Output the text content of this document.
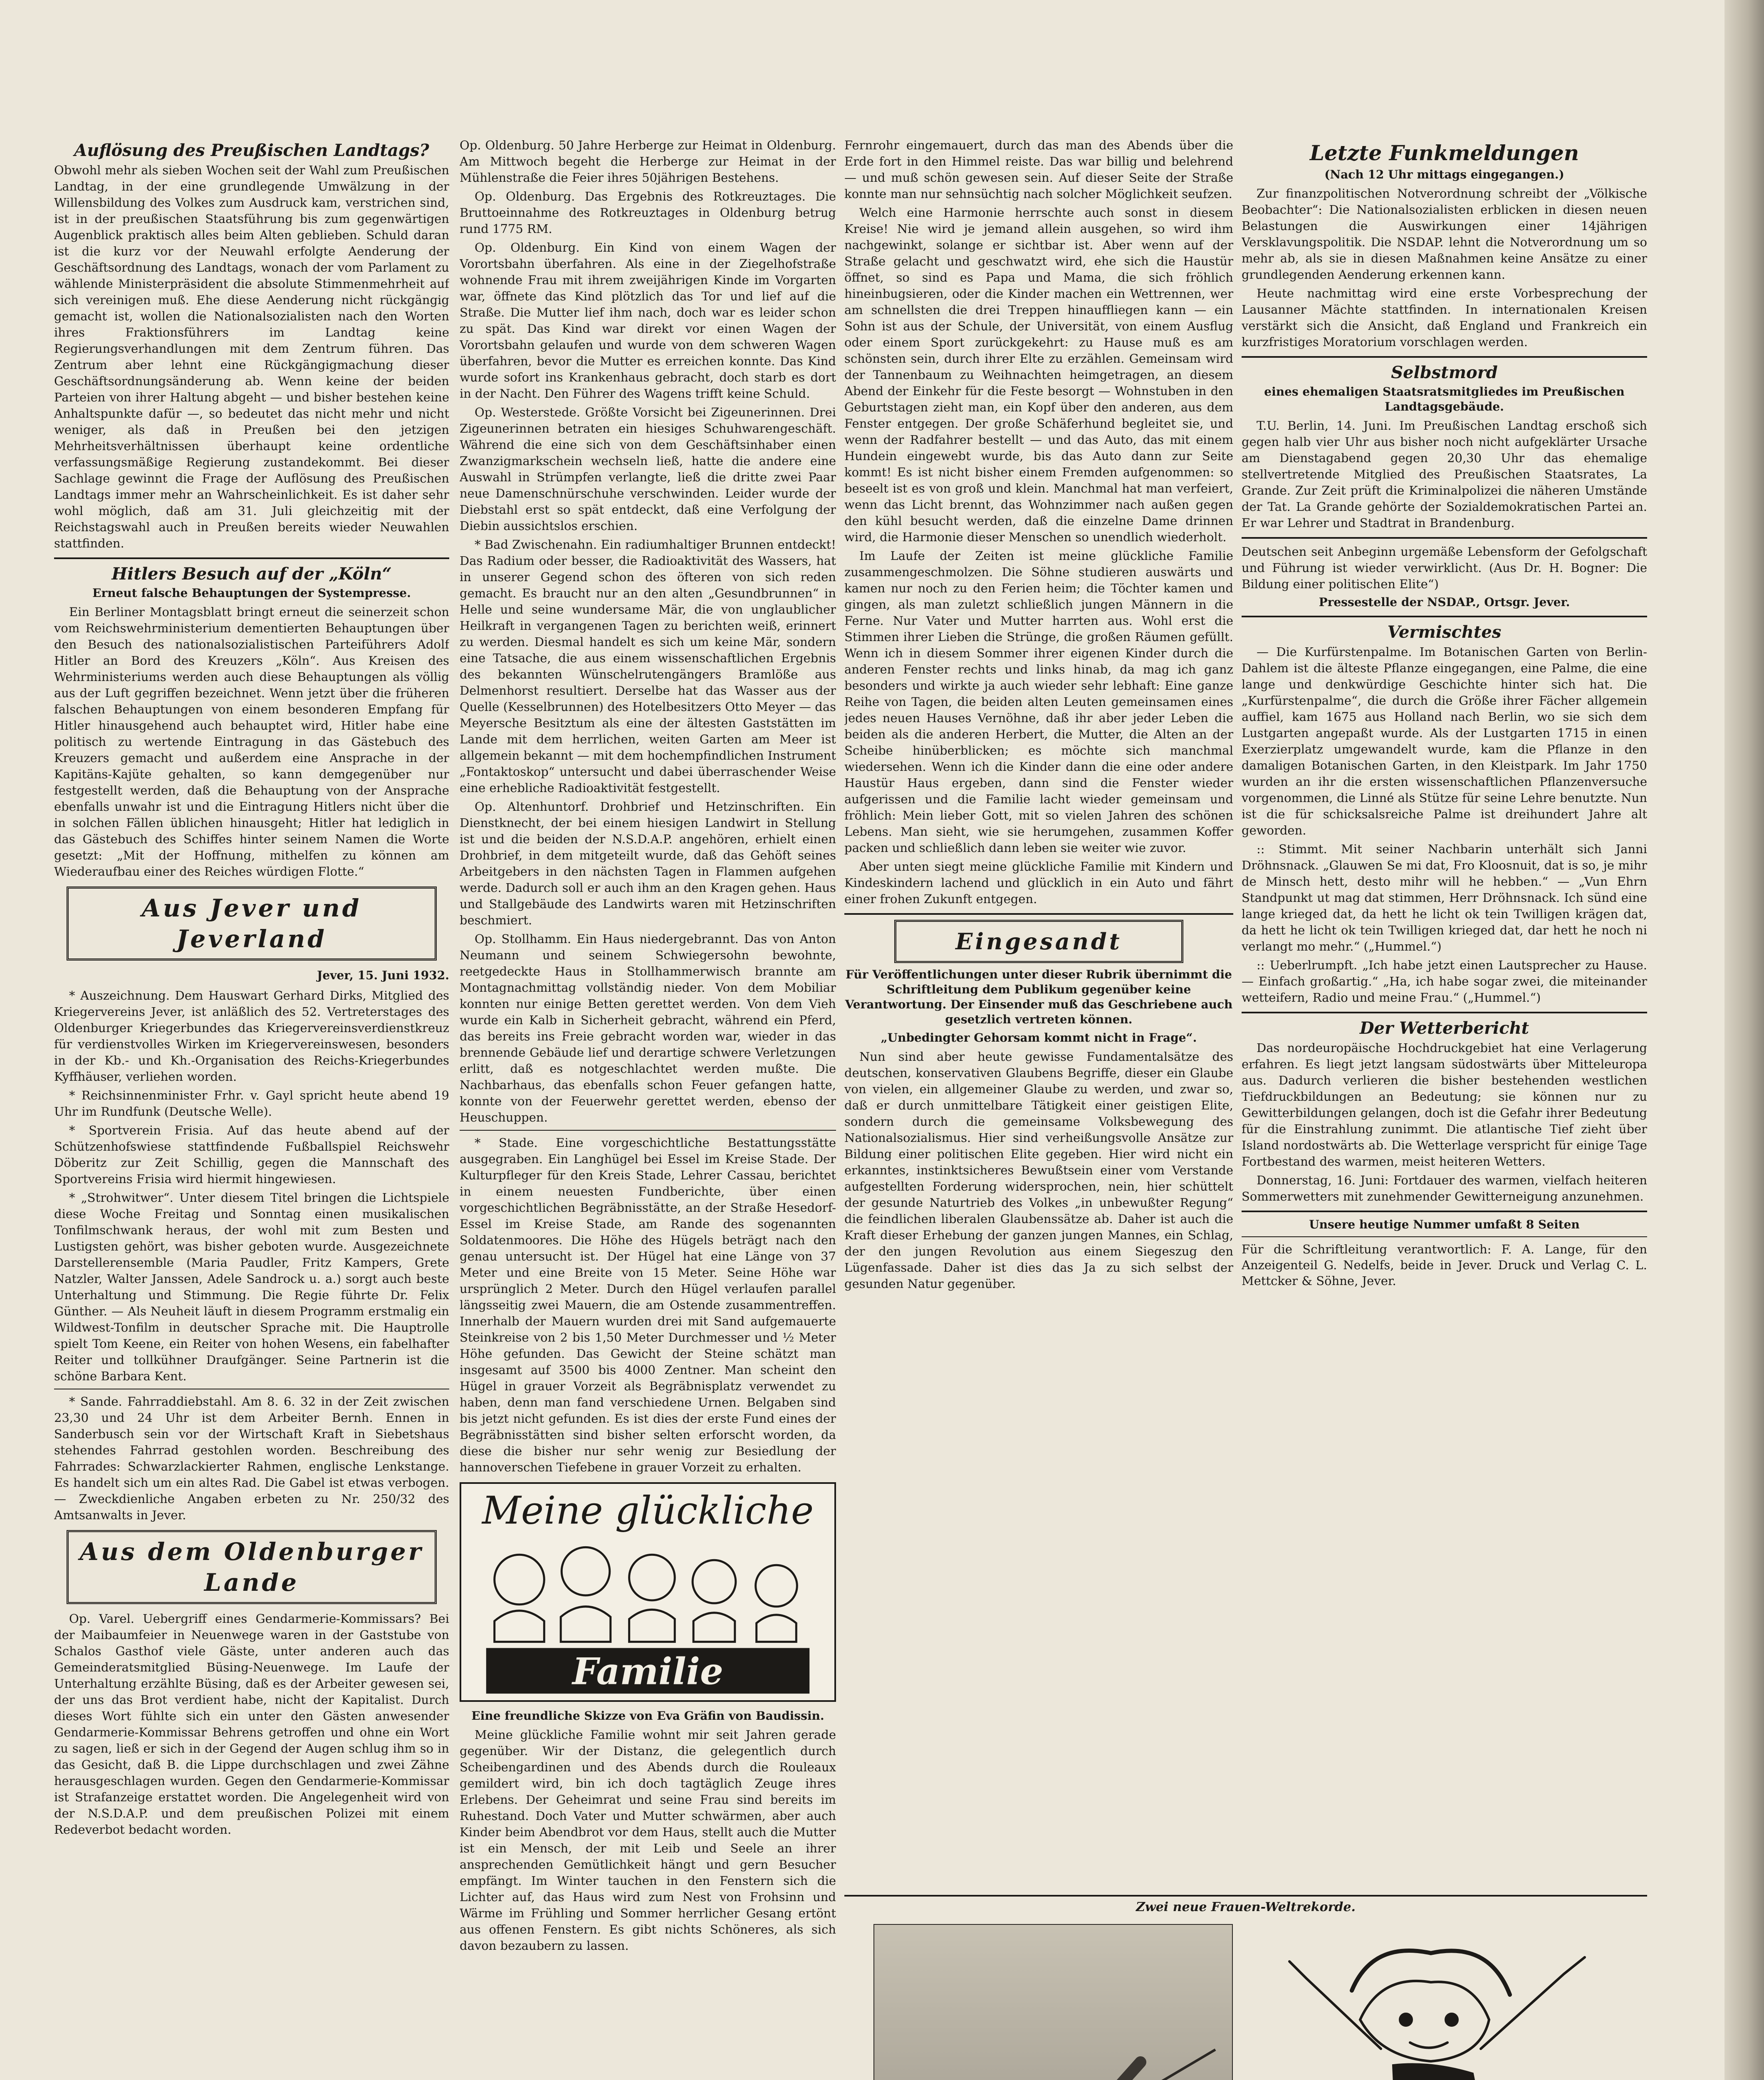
Auflösung des Preußischen Landtags?

Obwohl mehr als sieben Wochen seit der Wahl zum Preußischen Landtag, in der eine grundlegende Umwälzung in der Willensbildung des Volkes zum Ausdruck kam, verstrichen sind, ist in der preußischen Staatsführung bis zum gegenwärtigen Augenblick praktisch alles beim Alten geblieben. Schuld daran ist die kurz vor der Neuwahl erfolgte Aenderung der Geschäftsordnung des Landtags, wonach der vom Parlament zu wählende Ministerpräsident die absolute Stimmenmehrheit auf sich vereinigen muß. Ehe diese Aenderung nicht rückgängig gemacht ist, wollen die Nationalsozialisten nach den Worten ihres Fraktionsführers im Landtag keine Regierungsverhandlungen mit dem Zentrum führen. Das Zentrum aber lehnt eine Rückgängigmachung dieser Geschäftsordnungsänderung ab. Wenn keine der beiden Parteien von ihrer Haltung abgeht — und bisher bestehen keine Anhaltspunkte dafür —, so bedeutet das nicht mehr und nicht weniger, als daß in Preußen bei den jetzigen Mehrheitsverhältnissen überhaupt keine ordentliche verfassungsmäßige Regierung zustandekommt. Bei dieser Sachlage gewinnt die Frage der Auflösung des Preußischen Landtags immer mehr an Wahrscheinlichkeit. Es ist daher sehr wohl möglich, daß am 31. Juli gleichzeitig mit der Reichstagswahl auch in Preußen bereits wieder Neuwahlen stattfinden.

Hitlers Besuch auf der „Köln“
Erneut falsche Behauptungen der Systempresse.

Ein Berliner Montagsblatt bringt erneut die seinerzeit schon vom Reichswehrministerium dementierten Behauptungen über den Besuch des nationalsozialistischen Parteiführers Adolf Hitler an Bord des Kreuzers „Köln“. Aus Kreisen des Wehrministeriums werden auch diese Behauptungen als völlig aus der Luft gegriffen bezeichnet. Wenn jetzt über die früheren falschen Behauptungen von einem besonderen Empfang für Hitler hinausgehend auch behauptet wird, Hitler habe eine politisch zu wertende Eintragung in das Gästebuch des Kreuzers gemacht und außerdem eine Ansprache in der Kapitäns-Kajüte gehalten, so kann demgegenüber nur festgestellt werden, daß die Behauptung von der Ansprache ebenfalls unwahr ist und die Eintragung Hitlers nicht über die in solchen Fällen üblichen hinausgeht; Hitler hat lediglich in das Gästebuch des Schiffes hinter seinem Namen die Worte gesetzt: „Mit der Hoffnung, mithelfen zu können am Wiederaufbau einer des Reiches würdigen Flotte.“

Aus Jever und Jeverland
Jever, 15. Juni 1932.

* Auszeichnung. Dem Hauswart Gerhard Dirks, Mitglied des Kriegervereins Jever, ist anläßlich des 52. Vertreterstages des Oldenburger Kriegerbundes das Kriegervereinsverdienstkreuz für verdienstvolles Wirken im Kriegervereinswesen, besonders in der Kb.- und Kh.-Organisation des Reichs-Kriegerbundes Kyffhäuser, verliehen worden.

* Reichsinnenminister Frhr. v. Gayl spricht heute abend 19 Uhr im Rundfunk (Deutsche Welle).

* Sportverein Frisia. Auf das heute abend auf der Schützenhofswiese stattfindende Fußballspiel Reichswehr Döberitz zur Zeit Schillig, gegen die Mannschaft des Sportvereins Frisia wird hiermit hingewiesen.

* „Strohwitwer“. Unter diesem Titel bringen die Lichtspiele diese Woche Freitag und Sonntag einen musikalischen Tonfilmschwank heraus, der wohl mit zum Besten und Lustigsten gehört, was bisher geboten wurde. Ausgezeichnete Darstellerensemble (Maria Paudler, Fritz Kampers, Grete Natzler, Walter Janssen, Adele Sandrock u. a.) sorgt auch beste Unterhaltung und Stimmung. Die Regie führte Dr. Felix Günther. — Als Neuheit läuft in diesem Programm erstmalig ein Wildwest-Tonfilm in deutscher Sprache mit. Die Hauptrolle spielt Tom Keene, ein Reiter von hohen Wesens, ein fabelhafter Reiter und tollkühner Draufgänger. Seine Partnerin ist die schöne Barbara Kent.

* Sande. Fahrraddiebstahl. Am 8. 6. 32 in der Zeit zwischen 23,30 und 24 Uhr ist dem Arbeiter Bernh. Ennen in Sanderbusch sein vor der Wirtschaft Kraft in Siebetshaus stehendes Fahrrad gestohlen worden. Beschreibung des Fahrrades: Schwarzlackierter Rahmen, englische Lenkstange. Es handelt sich um ein altes Rad. Die Gabel ist etwas verbogen. — Zweckdienliche Angaben erbeten zu Nr. 250/32 des Amtsanwalts in Jever.

Aus dem Oldenburger Lande

Op. Varel. Uebergriff eines Gendarmerie-Kommissars? Bei der Maibaumfeier in Neuenwege waren in der Gaststube von Schalos Gasthof viele Gäste, unter anderen auch das Gemeinderatsmitglied Büsing-Neuenwege. Im Laufe der Unterhaltung erzählte Büsing, daß es der Arbeiter gewesen sei, der uns das Brot verdient habe, nicht der Kapitalist. Durch dieses Wort fühlte sich ein unter den Gästen anwesender Gendarmerie-Kommissar Behrens getroffen und ohne ein Wort zu sagen, ließ er sich in der Gegend der Augen schlug ihm so in das Gesicht, daß B. die Lippe durchschlagen und zwei Zähne herausgeschlagen wurden. Gegen den Gendarmerie-Kommissar ist Strafanzeige erstattet worden. Die Angelegenheit wird von der N.S.D.A.P. und dem preußischen Polizei mit einem Redeverbot bedacht worden.

Op. Oldenburg. 50 Jahre Herberge zur Heimat in Oldenburg. Am Mittwoch begeht die Herberge zur Heimat in der Mühlenstraße die Feier ihres 50jährigen Bestehens.

Op. Oldenburg. Das Ergebnis des Rotkreuztages. Die Bruttoeinnahme des Rotkreuztages in Oldenburg betrug rund 1775 RM.

Op. Oldenburg. Ein Kind von einem Wagen der Vorortsbahn überfahren. Als eine in der Ziegelhofstraße wohnende Frau mit ihrem zweijährigen Kinde im Vorgarten war, öffnete das Kind plötzlich das Tor und lief auf die Straße. Die Mutter lief ihm nach, doch war es leider schon zu spät. Das Kind war direkt vor einen Wagen der Vorortsbahn gelaufen und wurde von dem schweren Wagen überfahren, bevor die Mutter es erreichen konnte. Das Kind wurde sofort ins Krankenhaus gebracht, doch starb es dort in der Nacht. Den Führer des Wagens trifft keine Schuld.

Op. Westerstede. Größte Vorsicht bei Zigeunerinnen. Drei Zigeunerinnen betraten ein hiesiges Schuhwarengeschäft. Während die eine sich von dem Geschäftsinhaber einen Zwanzigmarkschein wechseln ließ, hatte die andere eine Auswahl in Strümpfen verlangte, ließ die dritte zwei Paar neue Damenschnürschuhe verschwinden. Leider wurde der Diebstahl erst so spät entdeckt, daß eine Verfolgung der Diebin aussichtslos erschien.

* Bad Zwischenahn. Ein radiumhaltiger Brunnen entdeckt! Das Radium oder besser, die Radioaktivität des Wassers, hat in unserer Gegend schon des öfteren von sich reden gemacht. Es braucht nur an den alten „Gesundbrunnen“ in Helle und seine wundersame Mär, die von unglaublicher Heilkraft in vergangenen Tagen zu berichten weiß, erinnert zu werden. Diesmal handelt es sich um keine Mär, sondern eine Tatsache, die aus einem wissenschaftlichen Ergebnis des bekannten Wünschelrutengängers Bramlöße aus Delmenhorst resultiert. Derselbe hat das Wasser aus der Quelle (Kesselbrunnen) des Hotelbesitzers Otto Meyer — das Meyersche Besitztum als eine der ältesten Gaststätten im Lande mit dem herrlichen, weiten Garten am Meer ist allgemein bekannt — mit dem hochempfindlichen Instrument „Fontaktoskop“ untersucht und dabei überraschender Weise eine erhebliche Radioaktivität festgestellt.

Op. Altenhuntorf. Drohbrief und Hetzinschriften. Ein Dienstknecht, der bei einem hiesigen Landwirt in Stellung ist und die beiden der N.S.D.A.P. angehören, erhielt einen Drohbrief, in dem mitgeteilt wurde, daß das Gehöft seines Arbeitgebers in den nächsten Tagen in Flammen aufgehen werde. Dadurch soll er auch ihm an den Kragen gehen. Haus und Stallgebäude des Landwirts waren mit Hetzinschriften beschmiert.

Op. Stollhamm. Ein Haus niedergebrannt. Das von Anton Neumann und seinem Schwiegersohn bewohnte, reetgedeckte Haus in Stollhammerwisch brannte am Montagnachmittag vollständig nieder. Von dem Mobiliar konnten nur einige Betten gerettet werden. Von dem Vieh wurde ein Kalb in Sicherheit gebracht, während ein Pferd, das bereits ins Freie gebracht worden war, wieder in das brennende Gebäude lief und derartige schwere Verletzungen erlitt, daß es notgeschlachtet werden mußte. Die Nachbarhaus, das ebenfalls schon Feuer gefangen hatte, konnte von der Feuerwehr gerettet werden, ebenso der Heuschuppen.

* Stade. Eine vorgeschichtliche Bestattungsstätte ausgegraben. Ein Langhügel bei Essel im Kreise Stade. Der Kulturpfleger für den Kreis Stade, Lehrer Cassau, berichtet in einem neuesten Fundberichte, über einen vorgeschichtlichen Begräbnisstätte, an der Straße Hesedorf-Essel im Kreise Stade, am Rande des sogenannten Soldatenmoores. Die Höhe des Hügels beträgt nach den genau untersucht ist. Der Hügel hat eine Länge von 37 Meter und eine Breite von 15 Meter. Seine Höhe war ursprünglich 2 Meter. Durch den Hügel verlaufen parallel längsseitig zwei Mauern, die am Ostende zusammentreffen. Innerhalb der Mauern wurden drei mit Sand aufgemauerte Steinkreise von 2 bis 1,50 Meter Durchmesser und ½ Meter Höhe gefunden. Das Gewicht der Steine schätzt man insgesamt auf 3500 bis 4000 Zentner. Man scheint den Hügel in grauer Vorzeit als Begräbnisplatz verwendet zu haben, denn man fand verschiedene Urnen. Belgaben sind bis jetzt nicht gefunden. Es ist dies der erste Fund eines der Begräbnisstätten sind bisher selten erforscht worden, da diese die bisher nur sehr wenig zur Besiedlung der hannoverschen Tiefebene in grauer Vorzeit zu erhalten.

Meine glückliche
Familie
Eine freundliche Skizze von Eva Gräfin von Baudissin.

Meine glückliche Familie wohnt mir seit Jahren gerade gegenüber. Wir der Distanz, die gelegentlich durch Scheibengardinen und des Abends durch die Rouleaux gemildert wird, bin ich doch tagtäglich Zeuge ihres Erlebens. Der Geheimrat und seine Frau sind bereits im Ruhestand. Doch Vater und Mutter schwärmen, aber auch Kinder beim Abendbrot vor dem Haus, stellt auch die Mutter ist ein Mensch, der mit Leib und Seele an ihrer ansprechenden Gemütlichkeit hängt und gern Besucher empfängt. Im Winter tauchen in den Fenstern sich die Lichter auf, das Haus wird zum Nest von Frohsinn und Wärme im Frühling und Sommer herrlicher Gesang ertönt aus offenen Fenstern. Es gibt nichts Schöneres, als sich davon bezaubern zu lassen.

Fernrohr eingemauert, durch das man des Abends über die Erde fort in den Himmel reiste. Das war billig und belehrend — und muß schön gewesen sein. Auf dieser Seite der Straße konnte man nur sehnsüchtig nach solcher Möglichkeit seufzen.

Welch eine Harmonie herrschte auch sonst in diesem Kreise! Nie wird je jemand allein ausgehen, so wird ihm nachgewinkt, solange er sichtbar ist. Aber wenn auf der Straße gelacht und geschwatzt wird, ehe sich die Haustür öffnet, so sind es Papa und Mama, die sich fröhlich hineinbugsieren, oder die Kinder machen ein Wettrennen, wer am schnellsten die drei Treppen hinauffliegen kann — ein Sohn ist aus der Schule, der Universität, von einem Ausflug oder einem Sport zurückgekehrt: zu Hause muß es am schönsten sein, durch ihrer Elte zu erzählen. Gemeinsam wird der Tannenbaum zu Weihnachten heimgetragen, an diesem Abend der Einkehr für die Feste besorgt — Wohnstuben in den Geburtstagen zieht man, ein Kopf über den anderen, aus dem Fenster entgegen. Der große Schäferhund begleitet sie, und wenn der Radfahrer bestellt — und das Auto, das mit einem Hundein eingewebt wurde, bis das Auto dann zur Seite kommt! Es ist nicht bisher einem Fremden aufgenommen: so beseelt ist es von groß und klein. Manchmal hat man verfeiert, wenn das Licht brennt, das Wohnzimmer nach außen gegen den kühl besucht werden, daß die einzelne Dame drinnen wird, die Harmonie dieser Menschen so unendlich wiederholt.

Im Laufe der Zeiten ist meine glückliche Familie zusammengeschmolzen. Die Söhne studieren auswärts und kamen nur noch zu den Ferien heim; die Töchter kamen und gingen, als man zuletzt schließlich jungen Männern in die Ferne. Nur Vater und Mutter harrten aus. Wohl erst die Stimmen ihrer Lieben die Strünge, die großen Räumen gefüllt. Wenn ich in diesem Sommer ihrer eigenen Kinder durch die anderen Fenster rechts und links hinab, da mag ich ganz besonders und wirkte ja auch wieder sehr lebhaft: Eine ganze Reihe von Tagen, die beiden alten Leuten gemeinsamen eines jedes neuen Hauses Vernöhne, daß ihr aber jeder Leben die beiden als die anderen Herbert, die Mutter, die Alten an der Scheibe hinüberblicken; es möchte sich manchmal wiedersehen. Wenn ich die Kinder dann die eine oder andere Haustür Haus ergeben, dann sind die Fenster wieder aufgerissen und die Familie lacht wieder gemeinsam und fröhlich: Mein lieber Gott, mit so vielen Jahren des schönen Lebens. Man sieht, wie sie herumgehen, zusammen Koffer packen und schließlich dann leben sie weiter wie zuvor.

Aber unten siegt meine glückliche Familie mit Kindern und Kindeskindern lachend und glücklich in ein Auto und fährt einer frohen Zukunft entgegen.

Eingesandt
Für Veröffentlichungen unter dieser Rubrik übernimmt die Schriftleitung dem Publikum gegenüber keine Verantwortung. Der Einsender muß das Geschriebene auch gesetzlich vertreten können.
„Unbedingter Gehorsam kommt nicht in Frage“.

Nun sind aber heute gewisse Fundamentalsätze des deutschen, konservativen Glaubens Begriffe, dieser ein Glaube von vielen, ein allgemeiner Glaube zu werden, und zwar so, daß er durch unmittelbare Tätigkeit einer geistigen Elite, sondern durch die gemeinsame Volksbewegung des Nationalsozialismus. Hier sind verheißungsvolle Ansätze zur Bildung einer politischen Elite gegeben. Hier wird nicht ein erkanntes, instinktsicheres Bewußtsein einer vom Verstande aufgestellten Forderung widersprochen, nein, hier schüttelt der gesunde Naturtrieb des Volkes „in unbewußter Regung“ die feindlichen liberalen Glaubenssätze ab. Daher ist auch die Kraft dieser Erhebung der ganzen jungen Mannes, ein Schlag, der den jungen Revolution aus einem Siegeszug den Lügenfassade. Daher ist dies das Ja zu sich selbst der gesunden Natur gegenüber.

Letzte Funkmeldungen
(Nach 12 Uhr mittags eingegangen.)

Zur finanzpolitischen Notverordnung schreibt der „Völkische Beobachter“: Die Nationalsozialisten erblicken in diesen neuen Belastungen die Auswirkungen einer 14jährigen Versklavungspolitik. Die NSDAP. lehnt die Notverordnung um so mehr ab, als sie in diesen Maßnahmen keine Ansätze zu einer grundlegenden Aenderung erkennen kann.

Heute nachmittag wird eine erste Vorbesprechung der Lausanner Mächte stattfinden. In internationalen Kreisen verstärkt sich die Ansicht, daß England und Frankreich ein kurzfristiges Moratorium vorschlagen werden.

Selbstmord
eines ehemaligen Staatsratsmitgliedes im Preußischen Landtagsgebäude.

T.U. Berlin, 14. Juni. Im Preußischen Landtag erschoß sich gegen halb vier Uhr aus bisher noch nicht aufgeklärter Ursache am Dienstagabend gegen 20,30 Uhr das ehemalige stellvertretende Mitglied des Preußischen Staatsrates, La Grande. Zur Zeit prüft die Kriminalpolizei die näheren Umstände der Tat. La Grande gehörte der Sozialdemokratischen Partei an. Er war Lehrer und Stadtrat in Brandenburg.

Deutschen seit Anbeginn urgemäße Lebensform der Gefolgschaft und Führung ist wieder verwirklicht. (Aus Dr. H. Bogner: Die Bildung einer politischen Elite“)

Pressestelle der NSDAP., Ortsgr. Jever.
Vermischtes

— Die Kurfürstenpalme. Im Botanischen Garten von Berlin-Dahlem ist die älteste Pflanze eingegangen, eine Palme, die eine lange und denkwürdige Geschichte hinter sich hat. Die „Kurfürstenpalme“, die durch die Größe ihrer Fächer allgemein auffiel, kam 1675 aus Holland nach Berlin, wo sie sich dem Lustgarten angepaßt wurde. Als der Lustgarten 1715 in einen Exerzierplatz umgewandelt wurde, kam die Pflanze in den damaligen Botanischen Garten, in den Kleistpark. Im Jahr 1750 wurden an ihr die ersten wissenschaftlichen Pflanzenversuche vorgenommen, die Linné als Stütze für seine Lehre benutzte. Nun ist die für schicksalsreiche Palme ist dreihundert Jahre alt geworden.

:: Stimmt. Mit seiner Nachbarin unterhält sich Janni Dröhnsnack. „Glauwen Se mi dat, Fro Kloosnuit, dat is so, je mihr de Minsch hett, desto mihr will he hebben.“ — „Vun Ehrn Standpunkt ut mag dat stimmen, Herr Dröhnsnack. Ich sünd eine lange krieged dat, da hett he licht ok tein Twilligen krägen dat, da hett he licht ok tein Twilligen krieged dat, dar hett he noch ni verlangt mo mehr.“ („Hummel.“)

:: Ueberlrumpft. „Ich habe jetzt einen Lautsprecher zu Hause. — Einfach großartig.“ „Ha, ich habe sogar zwei, die miteinander wetteifern, Radio und meine Frau.“ („Hummel.“)

Der Wetterbericht

Das nordeuropäische Hochdruckgebiet hat eine Verlagerung erfahren. Es liegt jetzt langsam südostwärts über Mitteleuropa aus. Dadurch verlieren die bisher bestehenden westlichen Tiefdruckbildungen an Bedeutung; sie können nur zu Gewitterbildungen gelangen, doch ist die Gefahr ihrer Bedeutung für die Einstrahlung zunimmt. Die atlantische Tief zieht über Island nordostwärts ab. Die Wetterlage verspricht für einige Tage Fortbestand des warmen, meist heiteren Wetters.

Donnerstag, 16. Juni: Fortdauer des warmen, vielfach heiteren Sommerwetters mit zunehmender Gewitterneigung anzunehmen.

Unsere heutige Nummer umfaßt 8 Seiten
Für die Schriftleitung verantwortlich: F. A. Lange, für den Anzeigenteil G. Nedelfs, beide in Jever. Druck und Verlag C. L. Mettcker & Söhne, Jever.
Zwei neue Frauen-Weltrekorde.
